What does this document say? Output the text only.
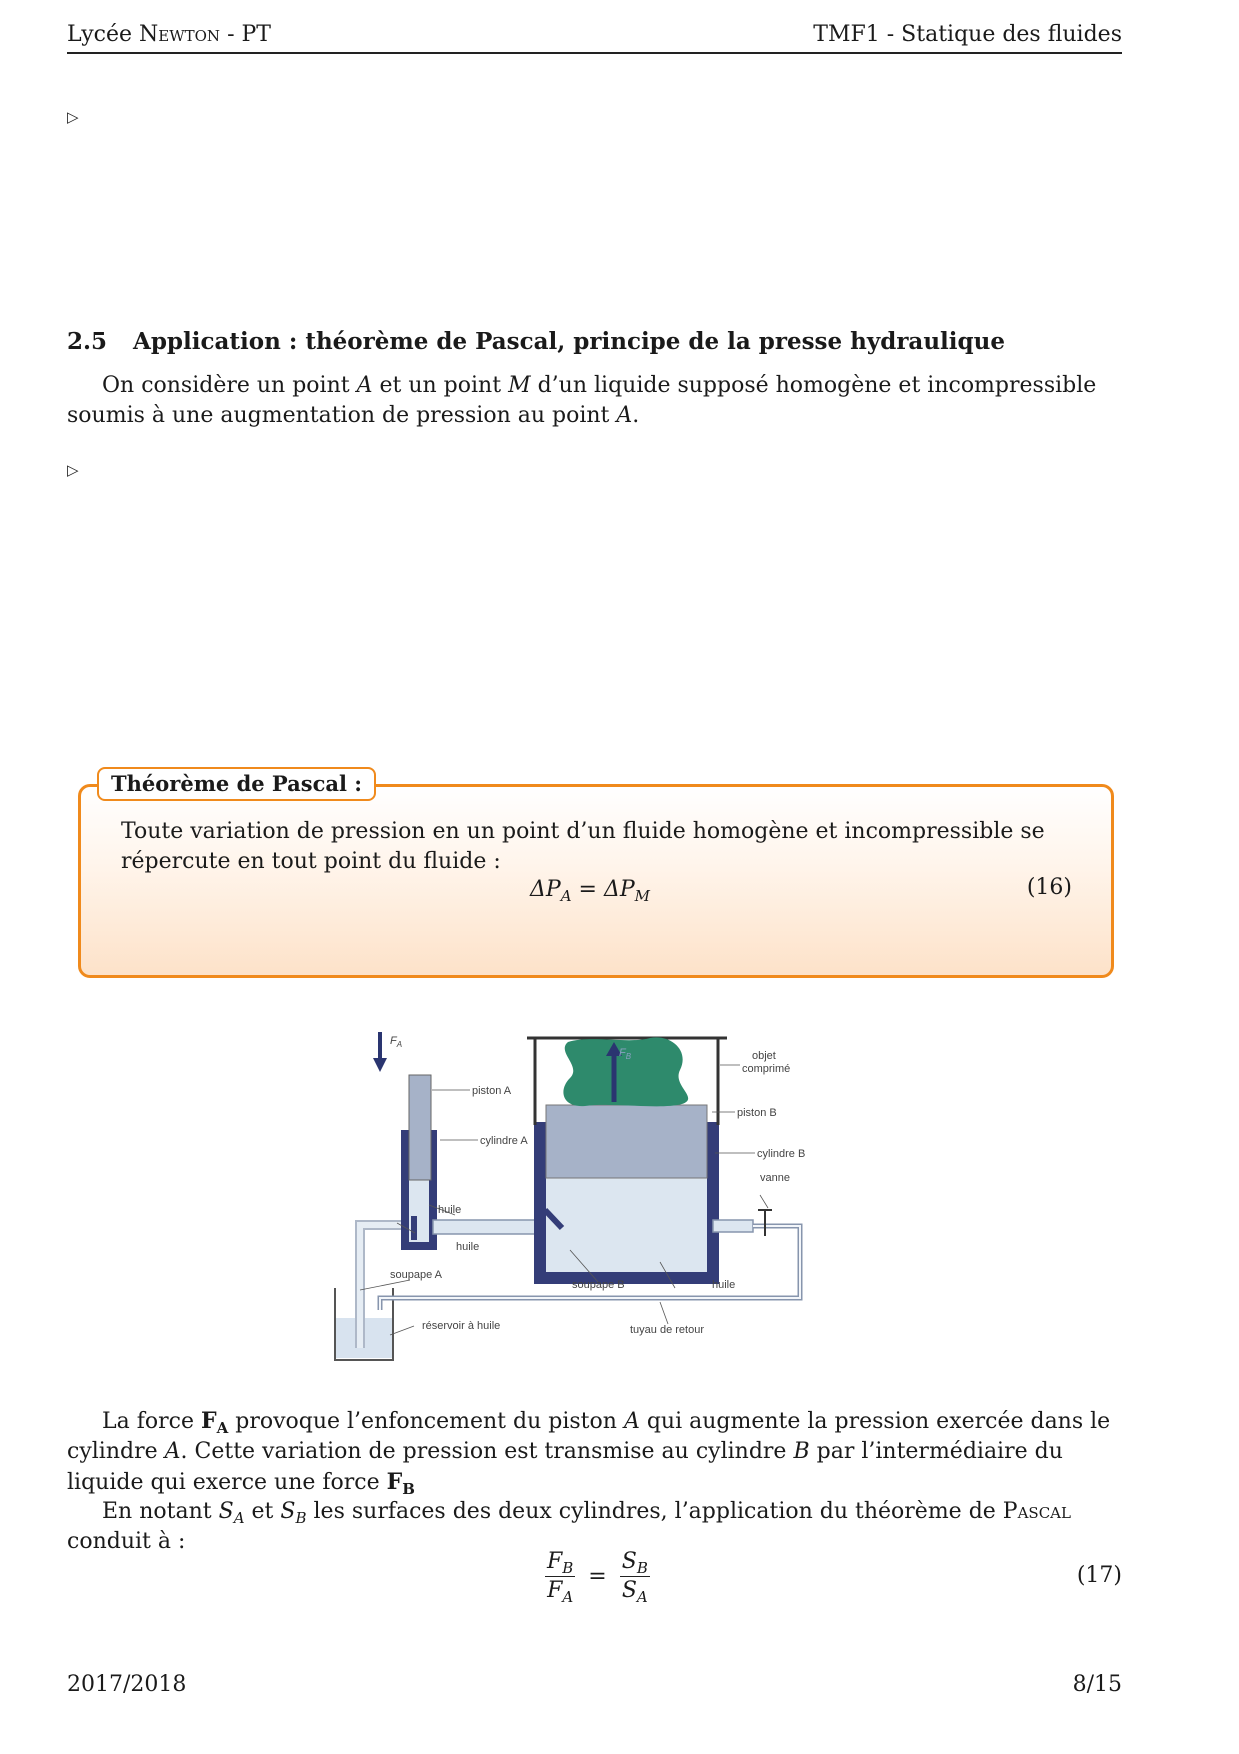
Lycée Newton - PT	TMF1 - Statique des fluides
▷
2.5 Application : théorème de Pascal, principe de la presse hydraulique
On considère un point A et un point M d’un liquide supposé homogène et incompressible soumis à une augmentation de pression au point A.
▷
Théorème de Pascal :
Toute variation de pression en un point d’un fluide homogène et incompressible se répercute en tout point du fluide :
$\Delta P_A = \Delta P_M$	(16)
$F_A$
$F_B$
piston A
cylindre A
huile
huile
soupape A
réservoir à huile
soupape B	huile
tuyau de retour
objet
comprimé
piston B
cylindre B
vanne
La force $F_A$ provoque l’enfoncement du piston A qui augmente la pression exercée dans le cylindre A. Cette variation de pression est transmise au cylindre B par l’intermédiaire du liquide qui exerce une force $F_B$
En notant $S_A$ et $S_B$ les surfaces des deux cylindres, l’application du théorème de Pascal conduit à :
$\frac{F_B}{F_A} = \frac{S_B}{S_A}$	(17)
2017/2018	8/15
